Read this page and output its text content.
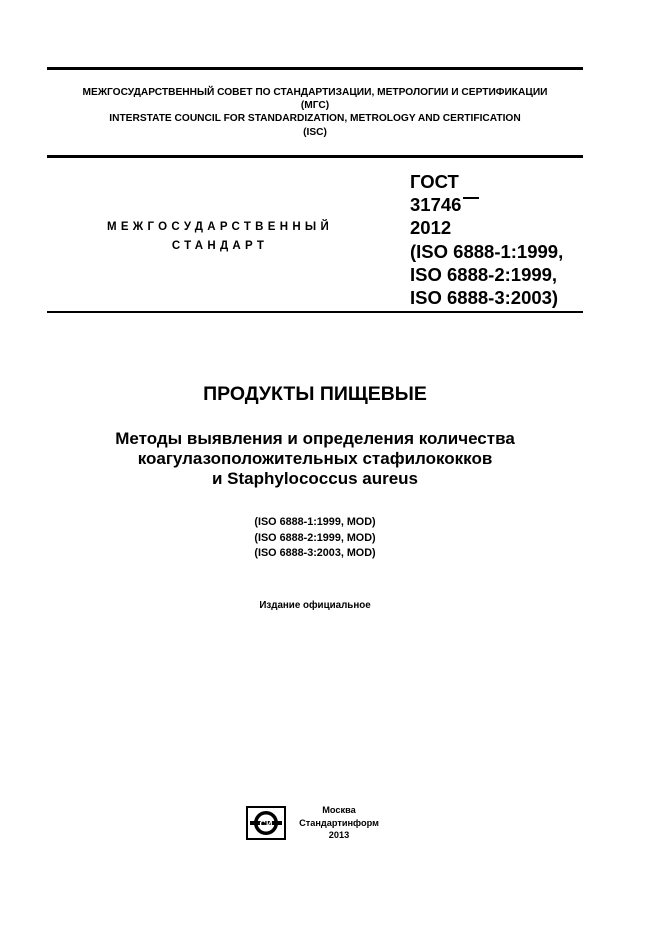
МЕЖГОСУДАРСТВЕННЫЙ СОВЕТ ПО СТАНДАРТИЗАЦИИ, МЕТРОЛОГИИ И СЕРТИФИКАЦИИ
(МГС)
INTERSTATE COUNCIL FOR STANDARDIZATION, METROLOGY AND CERTIFICATION
(ISC)
МЕЖГОСУДАРСТВЕННЫЙ
СТАНДАРТ
ГОСТ
31746
2012
(ISO 6888-1:1999,
ISO 6888-2:1999,
ISO 6888-3:2003)
ПРОДУКТЫ ПИЩЕВЫЕ
Методы выявления и определения количества
коагулазоположительных стафилококков
и Staphylococcus aureus
(ISO 6888-1:1999, MOD)
(ISO 6888-2:1999, MOD)
(ISO 6888-3:2003, MOD)
Издание официальное
СИ
Москва
Стандартинформ
2013
